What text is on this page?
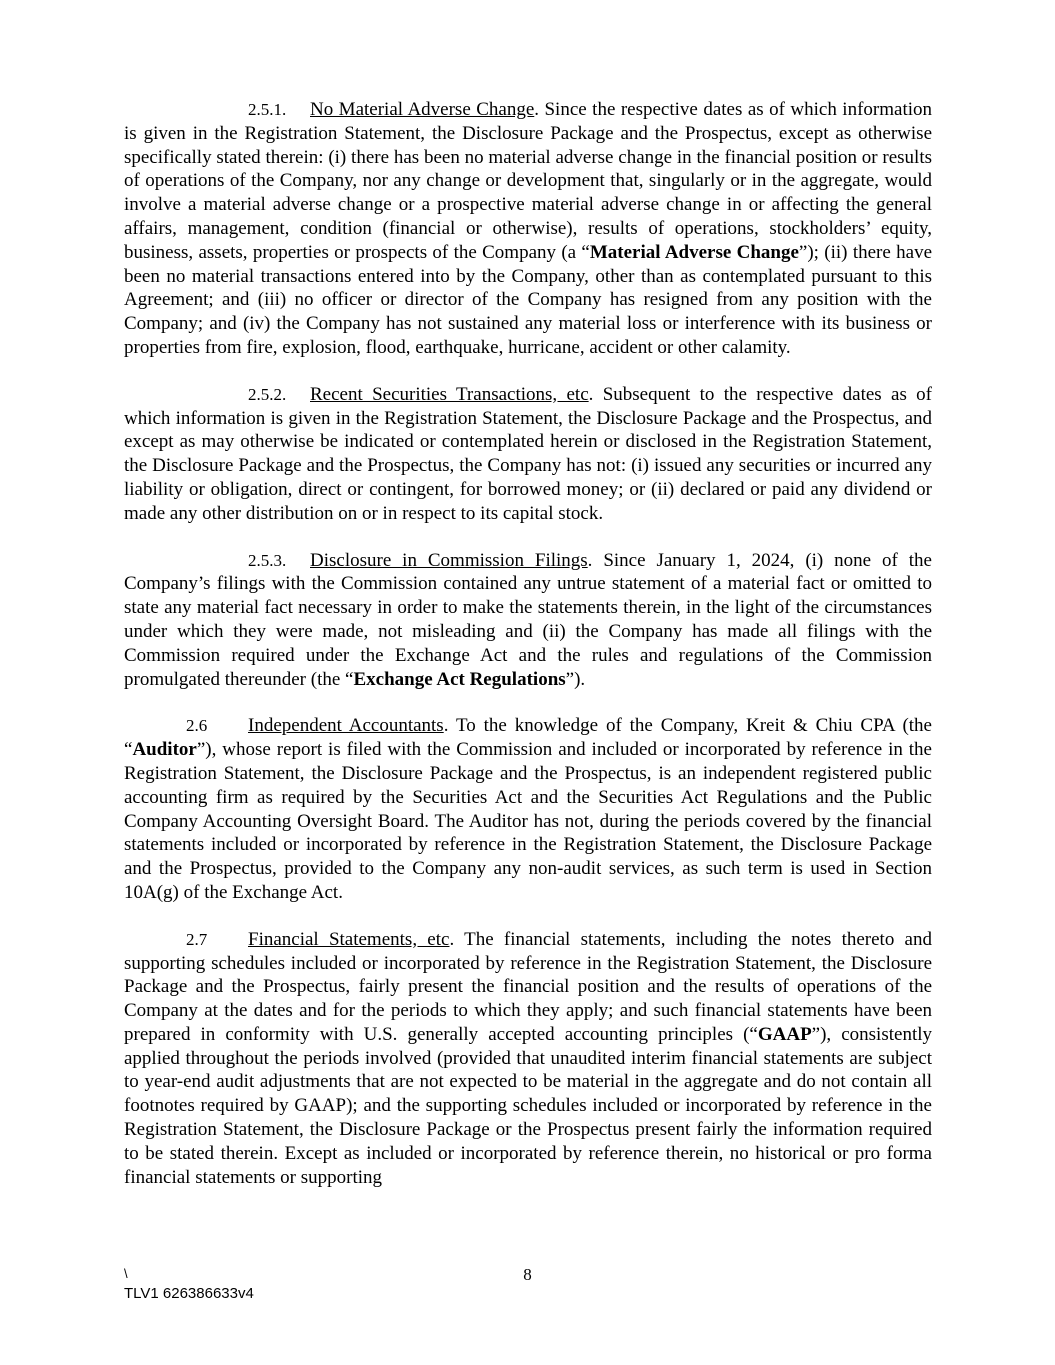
2.5.1. No Material Adverse Change. Since the respective dates as of which information is given in the Registration Statement, the Disclosure Package and the Prospectus, except as otherwise specifically stated therein: (i) there has been no material adverse change in the financial position or results of operations of the Company, nor any change or development that, singularly or in the aggregate, would involve a material adverse change or a prospective material adverse change in or affecting the general affairs, management, condition (financial or otherwise), results of operations, stockholders’ equity, business, assets, properties or prospects of the Company (a “Material Adverse Change”); (ii) there have been no material transactions entered into by the Company, other than as contemplated pursuant to this Agreement; and (iii) no officer or director of the Company has resigned from any position with the Company; and (iv) the Company has not sustained any material loss or interference with its business or properties from fire, explosion, flood, earthquake, hurricane, accident or other calamity.

2.5.2. Recent Securities Transactions, etc. Subsequent to the respective dates as of which information is given in the Registration Statement, the Disclosure Package and the Prospectus, and except as may otherwise be indicated or contemplated herein or disclosed in the Registration Statement, the Disclosure Package and the Prospectus, the Company has not: (i) issued any securities or incurred any liability or obligation, direct or contingent, for borrowed money; or (ii) declared or paid any dividend or made any other distribution on or in respect to its capital stock.

2.5.3. Disclosure in Commission Filings. Since January 1, 2024, (i) none of the Company’s filings with the Commission contained any untrue statement of a material fact or omitted to state any material fact necessary in order to make the statements therein, in the light of the circumstances under which they were made, not misleading and (ii) the Company has made all filings with the Commission required under the Exchange Act and the rules and regulations of the Commission promulgated thereunder (the “Exchange Act Regulations”).

2.6 Independent Accountants. To the knowledge of the Company, Kreit & Chiu CPA (the “Auditor”), whose report is filed with the Commission and included or incorporated by reference in the Registration Statement, the Disclosure Package and the Prospectus, is an independent registered public accounting firm as required by the Securities Act and the Securities Act Regulations and the Public Company Accounting Oversight Board. The Auditor has not, during the periods covered by the financial statements included or incorporated by reference in the Registration Statement, the Disclosure Package and the Prospectus, provided to the Company any non-audit services, as such term is used in Section 10A(g) of the Exchange Act.

2.7 Financial Statements, etc. The financial statements, including the notes thereto and supporting schedules included or incorporated by reference in the Registration Statement, the Disclosure Package and the Prospectus, fairly present the financial position and the results of operations of the Company at the dates and for the periods to which they apply; and such financial statements have been prepared in conformity with U.S. generally accepted accounting principles (“GAAP”), consistently applied throughout the periods involved (provided that unaudited interim financial statements are subject to year-end audit adjustments that are not expected to be material in the aggregate and do not contain all footnotes required by GAAP); and the supporting schedules included or incorporated by reference in the Registration Statement, the Disclosure Package or the Prospectus present fairly the information required to be stated therein. Except as included or incorporated by reference therein, no historical or pro forma financial statements or supporting

\	8
TLV1 626386633v4
